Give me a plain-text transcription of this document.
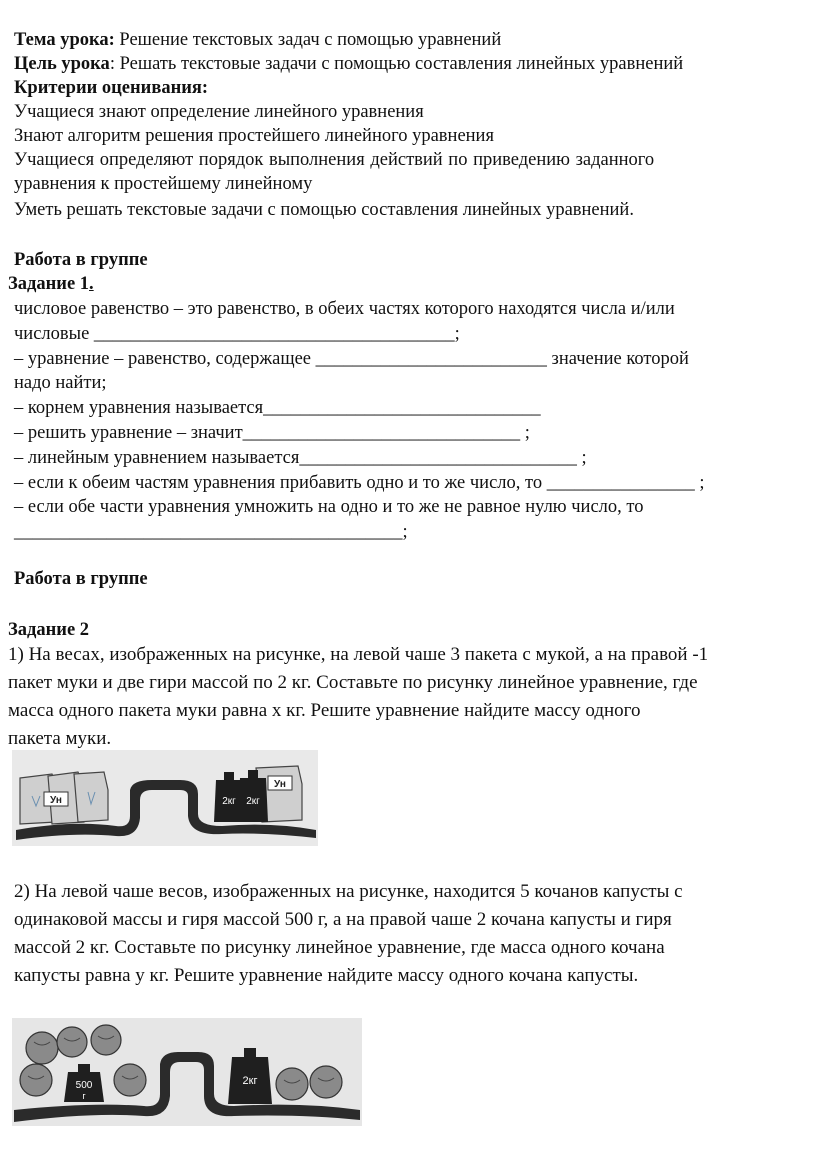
Тема урока: Решение текстовых задач с помощью уравнений
Цель урока: Решать текстовые задачи с помощью составления линейных уравнений
Критерии оценивания:
Учащиеся знают определение линейного уравнения
Знают алгоритм решения простейшего линейного уравнения
Учащиеся определяют порядок выполнения действий по приведению заданного
уравнения к простейшему линейному
Уметь решать текстовые задачи с помощью составления линейных уравнений.
Работа в группе
Задание 1.
числовое равенство – это равенство, в обеих частях которого находятся числа и/или
числовые _______________________________________;
– уравнение – равенство, содержащее _________________________ значение которой
надо найти;
– корнем уравнения называется______________________________
– решить уравнение – значит______________________________ ;
– линейным уравнением называется______________________________ ;
– если к обеим частям уравнения прибавить одно и то же число, то ________________ ;
– если обе части уравнения умножить на одно и то же не равное нулю число, то
__________________________________________;
Работа в группе
Задание 2
1) На весах, изображенных на рисунке, на левой чаше 3 пакета с мукой, а на правой -1
пакет муки и две гири массой по 2 кг. Составьте по рисунку линейное уравнение, где
масса одного пакета муки равна х кг. Решите уравнение найдите массу одного
пакета муки.
Ун
Ун
2кг 2кг
2) На левой чаше весов, изображенных на рисунке, находится 5 кочанов капусты с
одинаковой массы и гиря массой 500 г, а на правой чаше 2 кочана капусты и гиря
массой 2 кг. Составьте по рисунку линейное уравнение, где масса одного кочана
капусты равна у кг. Решите уравнение найдите массу одного кочана капусты.
500
г
2кг
